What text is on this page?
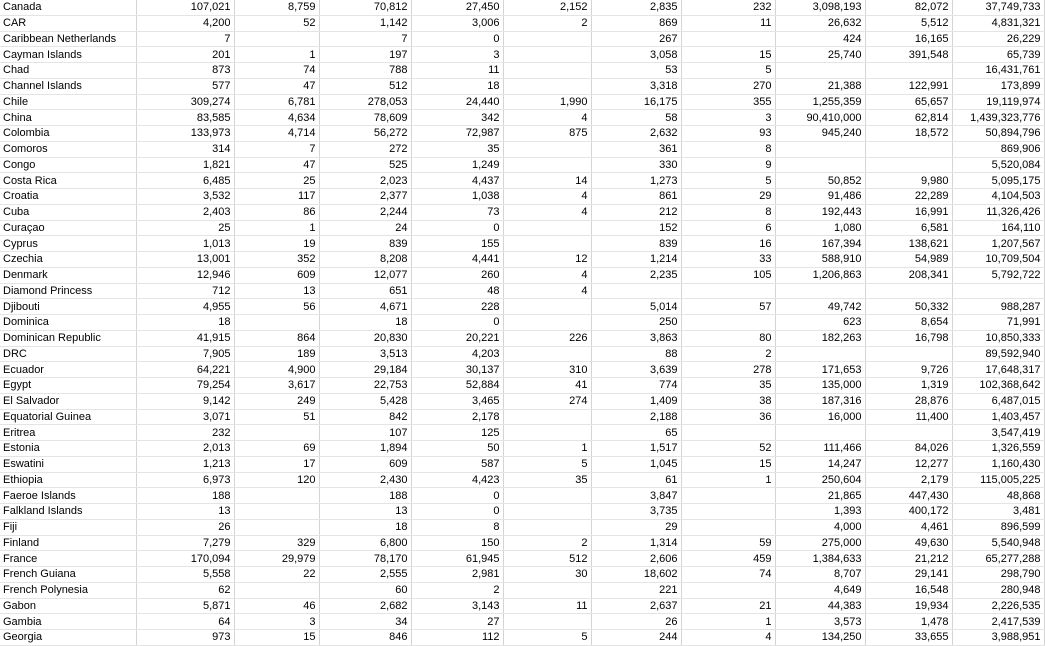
Canada	107,021	8,759	70,812	27,450	2,152	2,835	232	3,098,193	82,072	37,749,733
CAR	4,200	52	1,142	3,006	2	869	11	26,632	5,512	4,831,321
Caribbean Netherlands	7		7	0		267		424	16,165	26,229
Cayman Islands	201	1	197	3		3,058	15	25,740	391,548	65,739
Chad	873	74	788	11		53	5			16,431,761
Channel Islands	577	47	512	18		3,318	270	21,388	122,991	173,899
Chile	309,274	6,781	278,053	24,440	1,990	16,175	355	1,255,359	65,657	19,119,974
China	83,585	4,634	78,609	342	4	58	3	90,410,000	62,814	1,439,323,776
Colombia	133,973	4,714	56,272	72,987	875	2,632	93	945,240	18,572	50,894,796
Comoros	314	7	272	35		361	8			869,906
Congo	1,821	47	525	1,249		330	9			5,520,084
Costa Rica	6,485	25	2,023	4,437	14	1,273	5	50,852	9,980	5,095,175
Croatia	3,532	117	2,377	1,038	4	861	29	91,486	22,289	4,104,503
Cuba	2,403	86	2,244	73	4	212	8	192,443	16,991	11,326,426
Curaçao	25	1	24	0		152	6	1,080	6,581	164,110
Cyprus	1,013	19	839	155		839	16	167,394	138,621	1,207,567
Czechia	13,001	352	8,208	4,441	12	1,214	33	588,910	54,989	10,709,504
Denmark	12,946	609	12,077	260	4	2,235	105	1,206,863	208,341	5,792,722
Diamond Princess	712	13	651	48	4					
Djibouti	4,955	56	4,671	228		5,014	57	49,742	50,332	988,287
Dominica	18		18	0		250		623	8,654	71,991
Dominican Republic	41,915	864	20,830	20,221	226	3,863	80	182,263	16,798	10,850,333
DRC	7,905	189	3,513	4,203		88	2			89,592,940
Ecuador	64,221	4,900	29,184	30,137	310	3,639	278	171,653	9,726	17,648,317
Egypt	79,254	3,617	22,753	52,884	41	774	35	135,000	1,319	102,368,642
El Salvador	9,142	249	5,428	3,465	274	1,409	38	187,316	28,876	6,487,015
Equatorial Guinea	3,071	51	842	2,178		2,188	36	16,000	11,400	1,403,457
Eritrea	232		107	125		65				3,547,419
Estonia	2,013	69	1,894	50	1	1,517	52	111,466	84,026	1,326,559
Eswatini	1,213	17	609	587	5	1,045	15	14,247	12,277	1,160,430
Ethiopia	6,973	120	2,430	4,423	35	61	1	250,604	2,179	115,005,225
Faeroe Islands	188		188	0		3,847		21,865	447,430	48,868
Falkland Islands	13		13	0		3,735		1,393	400,172	3,481
Fiji	26		18	8		29		4,000	4,461	896,599
Finland	7,279	329	6,800	150	2	1,314	59	275,000	49,630	5,540,948
France	170,094	29,979	78,170	61,945	512	2,606	459	1,384,633	21,212	65,277,288
French Guiana	5,558	22	2,555	2,981	30	18,602	74	8,707	29,141	298,790
French Polynesia	62		60	2		221		4,649	16,548	280,948
Gabon	5,871	46	2,682	3,143	11	2,637	21	44,383	19,934	2,226,535
Gambia	64	3	34	27		26	1	3,573	1,478	2,417,539
Georgia	973	15	846	112	5	244	4	134,250	33,655	3,988,951
